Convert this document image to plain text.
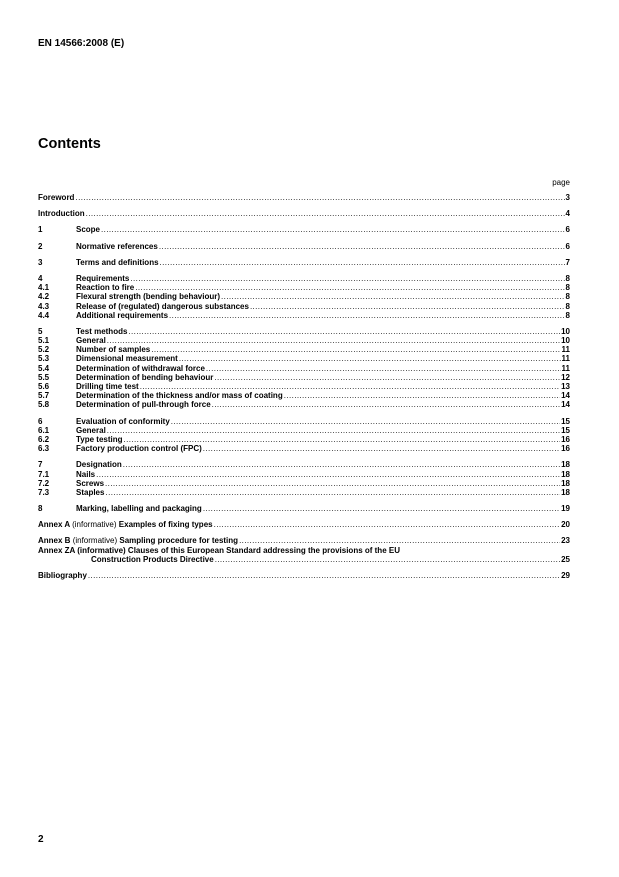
EN 14566:2008 (E)
Contents
page
Foreword .....	3
Introduction .....	4
1	Scope .....	6
2	Normative references .....	6
3	Terms and definitions .....	7
4	Requirements .....	8
4.1	Reaction to fire .....	8
4.2	Flexural strength (bending behaviour) .....	8
4.3	Release of (regulated) dangerous substances .....	8
4.4	Additional requirements .....	8
5	Test methods .....	10
5.1	General .....	10
5.2	Number of samples .....	11
5.3	Dimensional measurement .....	11
5.4	Determination of withdrawal force .....	11
5.5	Determination of bending behaviour .....	12
5.6	Drilling time test .....	13
5.7	Determination of the thickness and/or mass of coating .....	14
5.8	Determination of pull-through force .....	14
6	Evaluation of conformity .....	15
6.1	General .....	15
6.2	Type testing .....	16
6.3	Factory production control (FPC) .....	16
7	Designation .....	18
7.1	Nails .....	18
7.2	Screws .....	18
7.3	Staples .....	18
8	Marking, labelling and packaging .....	19
Annex A (informative) Examples of fixing types .....	20
Annex B (informative) Sampling procedure for testing .....	23
Annex ZA (informative) Clauses of this European Standard addressing the provisions of the EU
Construction Products Directive .....	25
Bibliography .....	29
2
